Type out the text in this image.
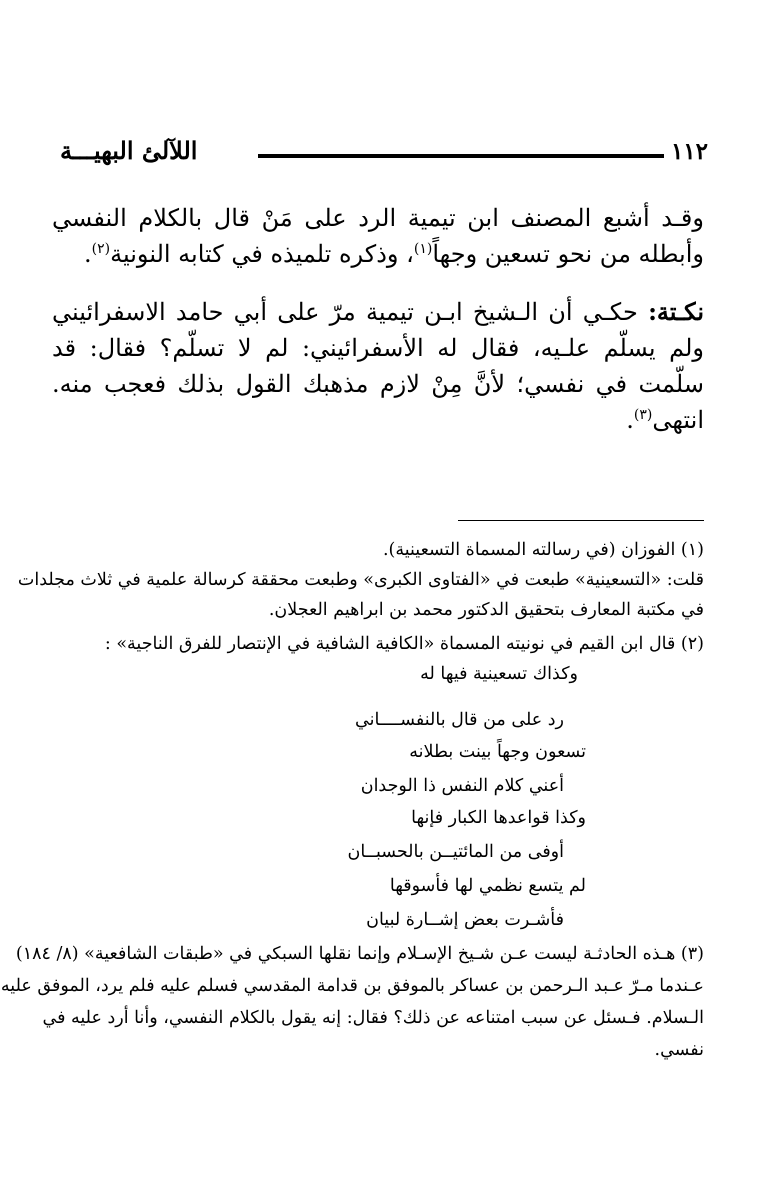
١١٢
اللآلئ البهيـــة

وقـد أشبع المصنف ابن تيمية الرد على مَنْ قال بالكلام النفسي وأبطله من نحو تسعين وجهاً$^{(١)}$، وذكره تلميذه في كتابه النونية$^{(٢)}$.

نكـتة: حكـي أن الـشيخ ابـن تيمية مرّ على أبي حامد الاسفرائيني ولم يسلّم علـيه، فقال له الأسفرائيني: لم لا تسلّم؟ فقال: قد سلّمت في نفسي؛ لأنَّ مِنْ لازم مذهبك القول بذلك فعجب منه. انتهى$^{(٣)}$.

(١) الفوزان (في رسالته المسماة التسعينية).

قلت: «التسعينية» طبعت في «الفتاوى الكبرى» وطبعت محققة كرسالة علمية في ثلاث مجلدات

في مكتبة المعارف بتحقيق الدكتور محمد بن ابراهيم العجلان.

(٢) قال ابن القيم في نونيته المسماة «الكافية الشافية في الإنتصار للفرق الناجية» :

وكذاك تسعينية فيها له

رد على من قال بالنفســــاني
تسعون وجهاً بينت بطلانه
أعني كلام النفس ذا الوجدان
وكذا قواعدها الكبار فإنها
أوفى من المائتيــن بالحسبــان
لم يتسع نظمي لها فأسوقها
فأشـرت بعض إشــارة لبيان

(٣) هـذه الحادثـة ليست عـن شـيخ الإسـلام وإنما نقلها السبكي في «طبقات الشافعية» (٨/ ١٨٤)

عـندما مـرّ عـبد الـرحمن بن عساكر بالموفق بن قدامة المقدسي فسلم عليه فلم يرد، الموفق عليه

الـسلام. فـسئل عن سبب امتناعه عن ذلك؟ فقال: إنه يقول بالكلام النفسي، وأنا أرد عليه في

نفسي.
